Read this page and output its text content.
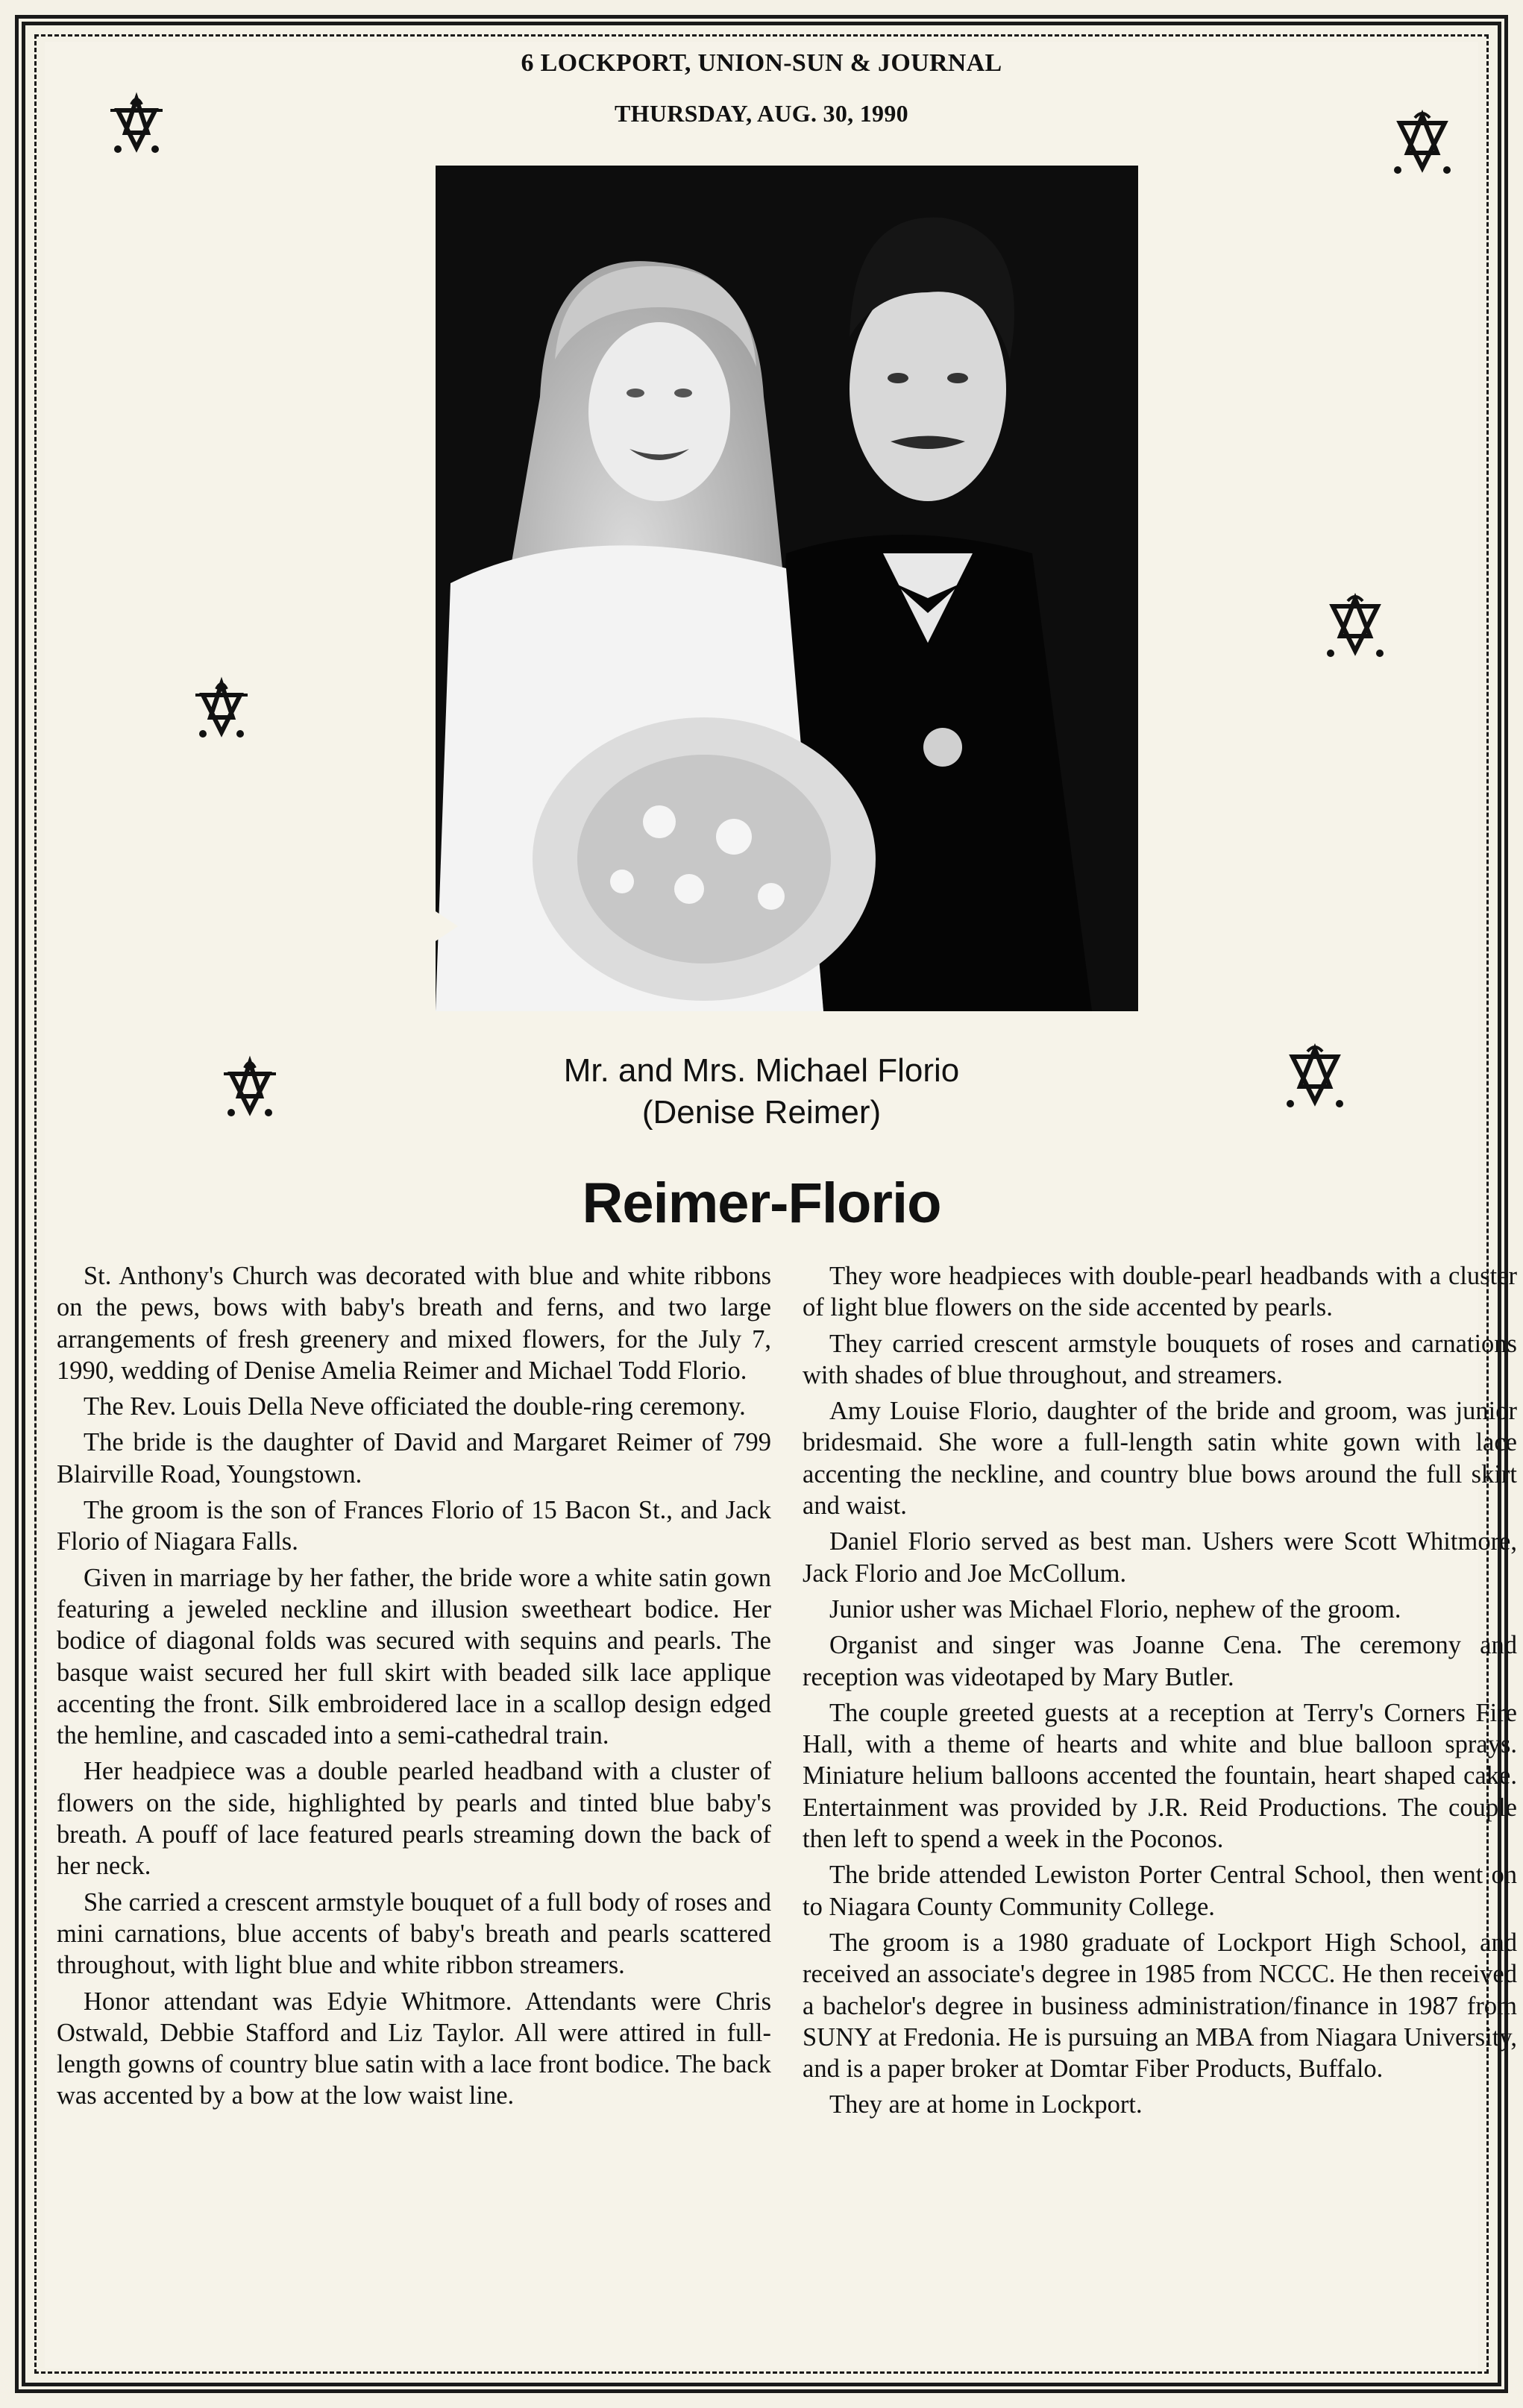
6 LOCKPORT, UNION-SUN & JOURNAL
THURSDAY, AUG. 30, 1990
Mr. and Mrs. Michael Florio
(Denise Reimer)
Reimer-Florio

St. Anthony's Church was decorated with blue and white ribbons on the pews, bows with baby's breath and ferns, and two large arrangements of fresh greenery and mixed flowers, for the July 7, 1990, wedding of Denise Amelia Reimer and Michael Todd Florio.

The Rev. Louis Della Neve officiated the double-ring ceremony.

The bride is the daughter of David and Margaret Reimer of 799 Blairville Road, Youngstown.

The groom is the son of Frances Florio of 15 Bacon St., and Jack Florio of Niagara Falls.

Given in marriage by her father, the bride wore a white satin gown featuring a jeweled neckline and illusion sweetheart bodice. Her bodice of diagonal folds was secured with sequins and pearls. The basque waist secured her full skirt with beaded silk lace applique accenting the front. Silk embroidered lace in a scallop design edged the hemline, and cascaded into a semi-cathedral train.

Her headpiece was a double pearled headband with a cluster of flowers on the side, highlighted by pearls and tinted blue baby's breath. A pouff of lace featured pearls streaming down the back of her neck.

She carried a crescent armstyle bouquet of a full body of roses and mini carnations, blue accents of baby's breath and pearls scattered throughout, with light blue and white ribbon streamers.

Honor attendant was Edyie Whitmore. Attendants were Chris Ostwald, Debbie Stafford and Liz Taylor. All were attired in full-length gowns of country blue satin with a lace front bodice. The back was accented by a bow at the low waist line.

They wore headpieces with double-pearl headbands with a cluster of light blue flowers on the side accented by pearls.

They carried crescent armstyle bouquets of roses and carnations with shades of blue throughout, and streamers.

Amy Louise Florio, daughter of the bride and groom, was junior bridesmaid. She wore a full-length satin white gown with lace accenting the neckline, and country blue bows around the full skirt and waist.

Daniel Florio served as best man. Ushers were Scott Whitmore, Jack Florio and Joe McCollum.

Junior usher was Michael Florio, nephew of the groom.

Organist and singer was Joanne Cena. The ceremony and reception was videotaped by Mary Butler.

The couple greeted guests at a reception at Terry's Corners Fire Hall, with a theme of hearts and white and blue balloon sprays. Miniature helium balloons accented the fountain, heart shaped cake. Entertainment was provided by J.R. Reid Productions. The couple then left to spend a week in the Poconos.

The bride attended Lewiston Porter Central School, then went on to Niagara County Community College.

The groom is a 1980 graduate of Lockport High School, and received an associate's degree in 1985 from NCCC. He then received a bachelor's degree in business administration/finance in 1987 from SUNY at Fredonia. He is pursuing an MBA from Niagara University, and is a paper broker at Domtar Fiber Products, Buffalo.

They are at home in Lockport.
